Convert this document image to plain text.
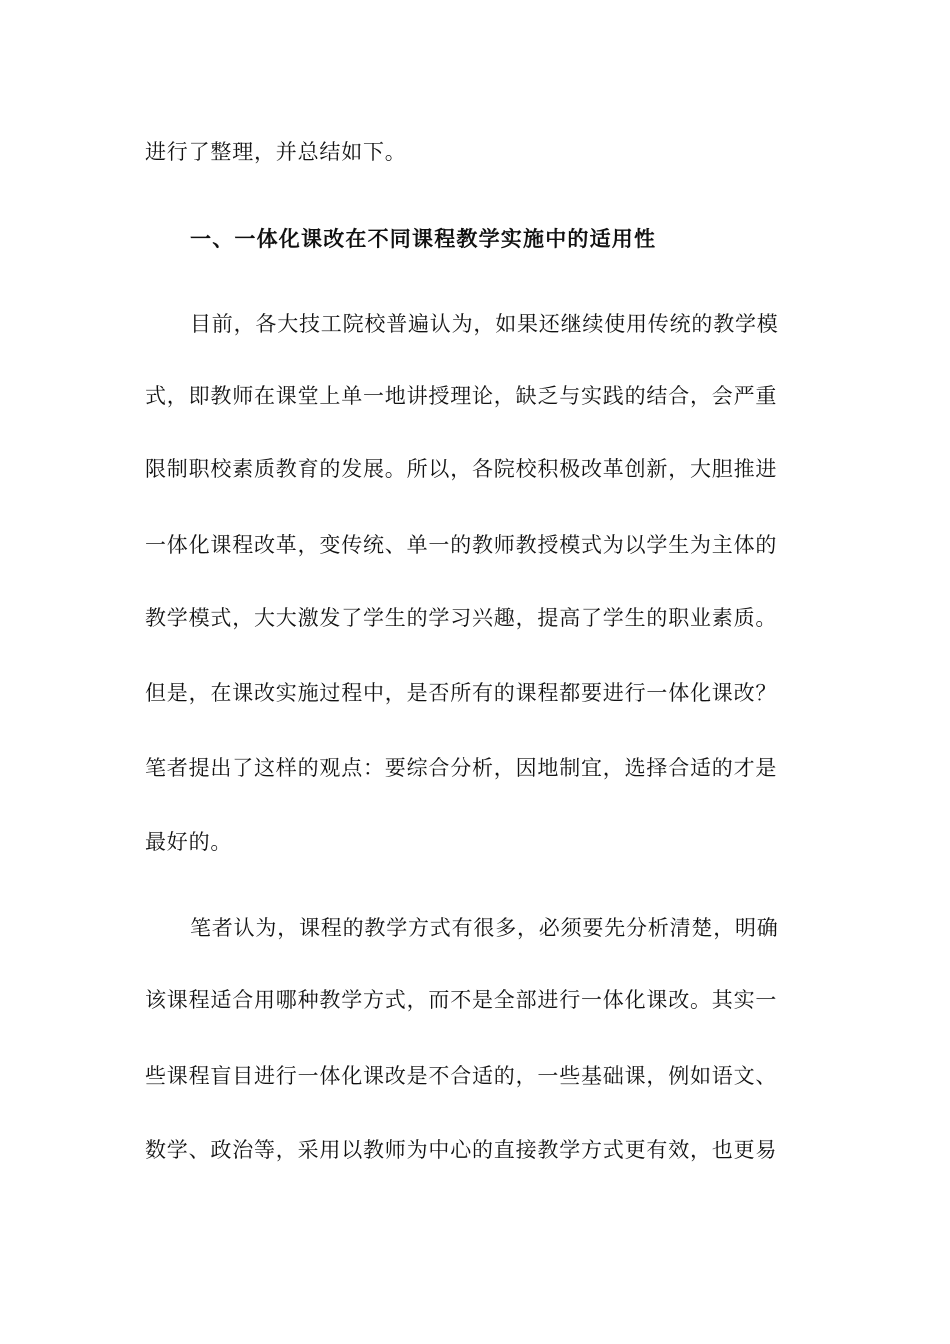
进行了整理，并总结如下。
一、一体化课改在不同课程教学实施中的适用性
目前，各大技工院校普遍认为，如果还继续使用传统的教学模
式，即教师在课堂上单一地讲授理论，缺乏与实践的结合，会严重
限制职校素质教育的发展。所以，各院校积极改革创新，大胆推进
一体化课程改革，变传统、单一的教师教授模式为以学生为主体的
教学模式，大大激发了学生的学习兴趣，提高了学生的职业素质。
但是，在课改实施过程中，是否所有的课程都要进行一体化课改？
笔者提出了这样的观点：要综合分析，因地制宜，选择合适的才是
最好的。
笔者认为，课程的教学方式有很多，必须要先分析清楚，明确
该课程适合用哪种教学方式，而不是全部进行一体化课改。其实一
些课程盲目进行一体化课改是不合适的，一些基础课，例如语文、
数学、政治等，采用以教师为中心的直接教学方式更有效，也更易
